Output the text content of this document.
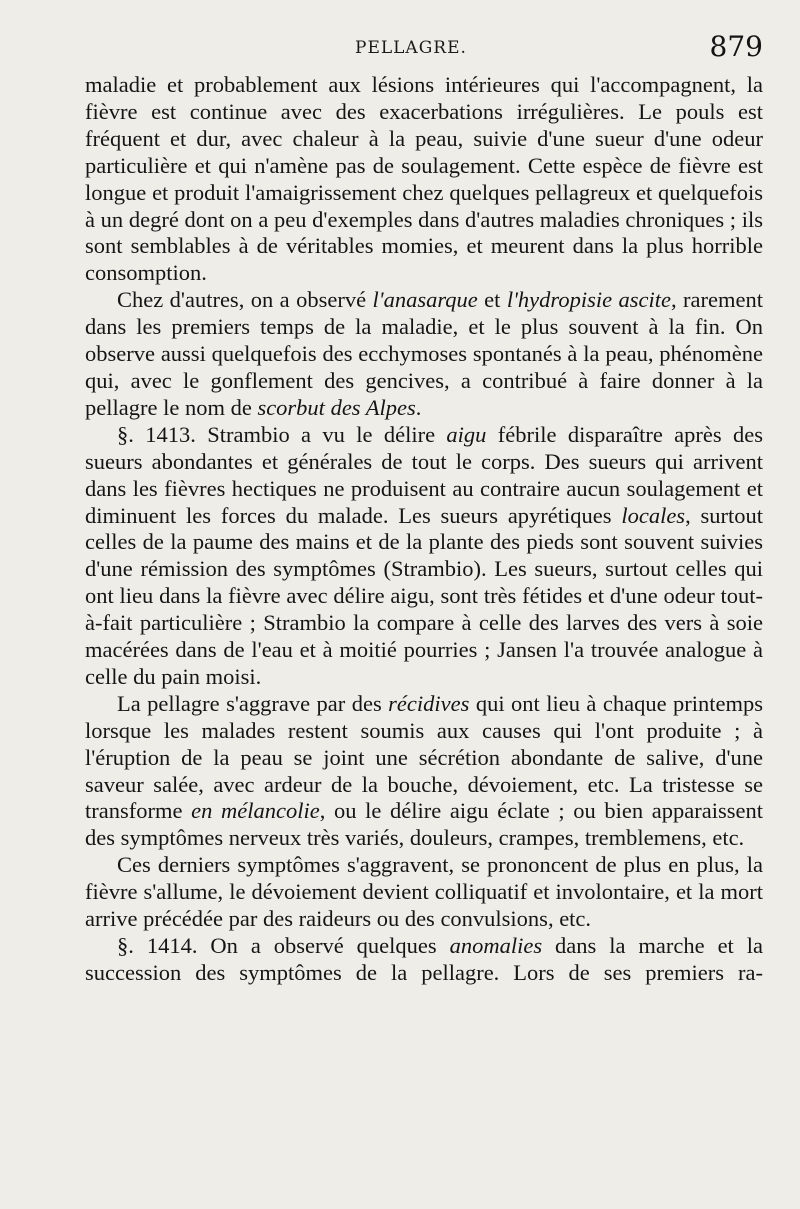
PELLAGRE.	879

maladie et probablement aux lésions intérieures qui l'accompagnent, la fièvre est continue avec des exacerbations irrégulières. Le pouls est fréquent et dur, avec chaleur à la peau, suivie d'une sueur d'une odeur particulière et qui n'amène pas de soulagement. Cette espèce de fièvre est longue et produit l'amaigrissement chez quelques pellagreux et quelquefois à un degré dont on a peu d'exemples dans d'autres maladies chroniques ; ils sont semblables à de véritables momies, et meurent dans la plus horrible consomption.

Chez d'autres, on a observé l'anasarque et l'hydropisie ascite, rarement dans les premiers temps de la maladie, et le plus souvent à la fin. On observe aussi quelquefois des ecchymoses spontanés à la peau, phénomène qui, avec le gonflement des gencives, a contribué à faire donner à la pellagre le nom de scorbut des Alpes.

§. 1413. Strambio a vu le délire aigu fébrile disparaître après des sueurs abondantes et générales de tout le corps. Des sueurs qui arrivent dans les fièvres hectiques ne produisent au contraire aucun soulagement et diminuent les forces du malade. Les sueurs apyrétiques locales, surtout celles de la paume des mains et de la plante des pieds sont souvent suivies d'une rémission des symptômes (Strambio). Les sueurs, surtout celles qui ont lieu dans la fièvre avec délire aigu, sont très fétides et d'une odeur tout-à-fait particulière ; Strambio la compare à celle des larves des vers à soie macérées dans de l'eau et à moitié pourries ; Jansen l'a trouvée analogue à celle du pain moisi.

La pellagre s'aggrave par des récidives qui ont lieu à chaque printemps lorsque les malades restent soumis aux causes qui l'ont produite ; à l'éruption de la peau se joint une sécrétion abondante de salive, d'une saveur salée, avec ardeur de la bouche, dévoiement, etc. La tristesse se transforme en mélancolie, ou le délire aigu éclate ; ou bien apparaissent des symptômes nerveux très variés, douleurs, crampes, tremblemens, etc.

Ces derniers symptômes s'aggravent, se prononcent de plus en plus, la fièvre s'allume, le dévoiement devient colliquatif et involontaire, et la mort arrive précédée par des raideurs ou des convulsions, etc.

§. 1414. On a observé quelques anomalies dans la marche et la succession des symptômes de la pellagre. Lors de ses premiers ra-
